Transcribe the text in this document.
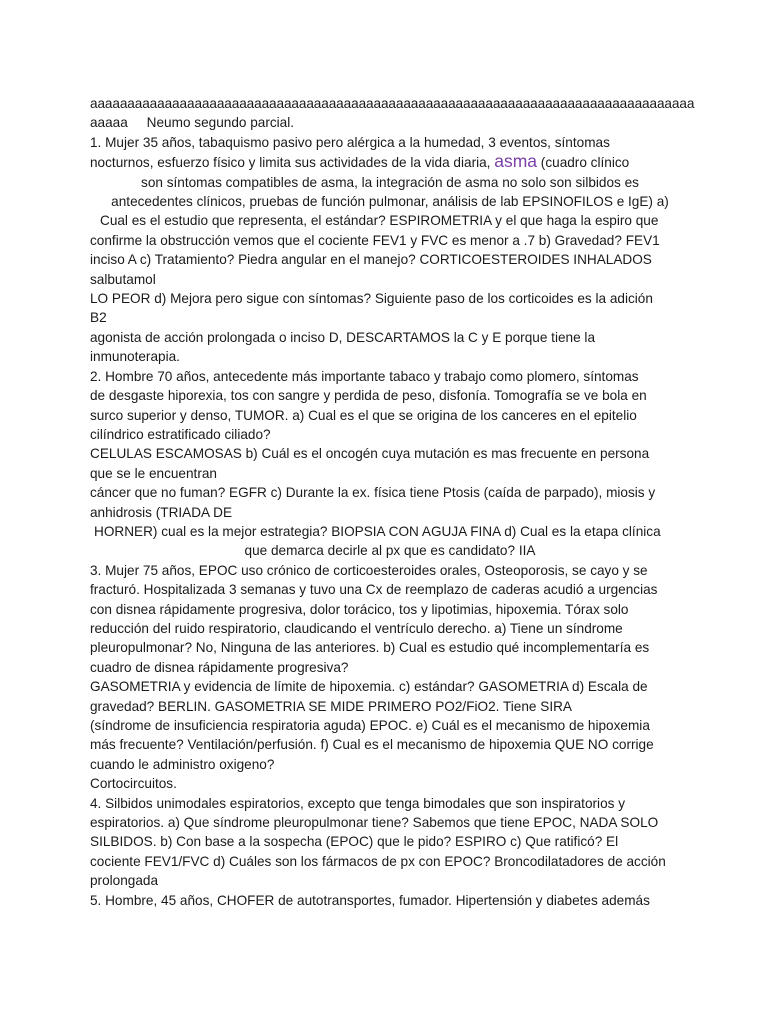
aaaaaaaaaaaaaaaaaaaaaaaaaaaaaaaaaaaaaaaaaaaaaaaaaaaaaaaaaaaaaaaaaaaaaaaaaaaaaaaaa
aaaaa     Neumo segundo parcial.
1. Mujer 35 años, tabaquismo pasivo pero alérgica a la humedad, 3 eventos, síntomas
nocturnos, esfuerzo físico y limita sus actividades de la vida diaria, asma (cuadro clínico
son síntomas compatibles de asma, la integración de asma no solo son silbidos es
antecedentes clínicos, pruebas de función pulmonar, análisis de lab EPSINOFILOS e IgE) a)
Cual es el estudio que representa, el estándar? ESPIROMETRIA y el que haga la espiro que
confirme la obstrucción vemos que el cociente FEV1 y FVC es menor a .7 b) Gravedad? FEV1
inciso A c) Tratamiento? Piedra angular en el manejo? CORTICOESTEROIDES INHALADOS
salbutamol
LO PEOR d) Mejora pero sigue con síntomas? Siguiente paso de los corticoides es la adición
B2
agonista de acción prolongada o inciso D, DESCARTAMOS la C y E porque tiene la
inmunoterapia.
2. Hombre 70 años, antecedente más importante tabaco y trabajo como plomero, síntomas
de desgaste hiporexia, tos con sangre y perdida de peso, disfonía. Tomografía se ve bola en
surco superior y denso, TUMOR. a) Cual es el que se origina de los canceres en el epitelio
cilíndrico estratificado ciliado?
CELULAS ESCAMOSAS b) Cuál es el oncogén cuya mutación es mas frecuente en persona
que se le encuentran
cáncer que no fuman? EGFR c) Durante la ex. física tiene Ptosis (caída de parpado), miosis y
anhidrosis (TRIADA DE
HORNER) cual es la mejor estrategia? BIOPSIA CON AGUJA FINA d) Cual es la etapa clínica
que demarca decirle al px que es candidato? IIA
3. Mujer 75 años, EPOC uso crónico de corticoesteroides orales, Osteoporosis, se cayo y se
fracturó. Hospitalizada 3 semanas y tuvo una Cx de reemplazo de caderas acudió a urgencias
con disnea rápidamente progresiva, dolor torácico, tos y lipotimias, hipoxemia. Tórax solo
reducción del ruido respiratorio, claudicando el ventrículo derecho. a) Tiene un síndrome
pleuropulmonar? No, Ninguna de las anteriores. b) Cual es estudio qué incomplementaría es
cuadro de disnea rápidamente progresiva?
GASOMETRIA y evidencia de límite de hipoxemia. c) estándar? GASOMETRIA d) Escala de
gravedad? BERLIN. GASOMETRIA SE MIDE PRIMERO PO2/FiO2. Tiene SIRA
(síndrome de insuficiencia respiratoria aguda) EPOC. e) Cuál es el mecanismo de hipoxemia
más frecuente? Ventilación/perfusión. f) Cual es el mecanismo de hipoxemia QUE NO corrige
cuando le administro oxigeno?
Cortocircuitos.
4. Silbidos unimodales espiratorios, excepto que tenga bimodales que son inspiratorios y
espiratorios. a) Que síndrome pleuropulmonar tiene? Sabemos que tiene EPOC, NADA SOLO
SILBIDOS. b) Con base a la sospecha (EPOC) que le pido? ESPIRO c) Que ratificó? El
cociente FEV1/FVC d) Cuáles son los fármacos de px con EPOC? Broncodilatadores de acción
prolongada
5. Hombre, 45 años, CHOFER de autotransportes, fumador. Hipertensión y diabetes además
